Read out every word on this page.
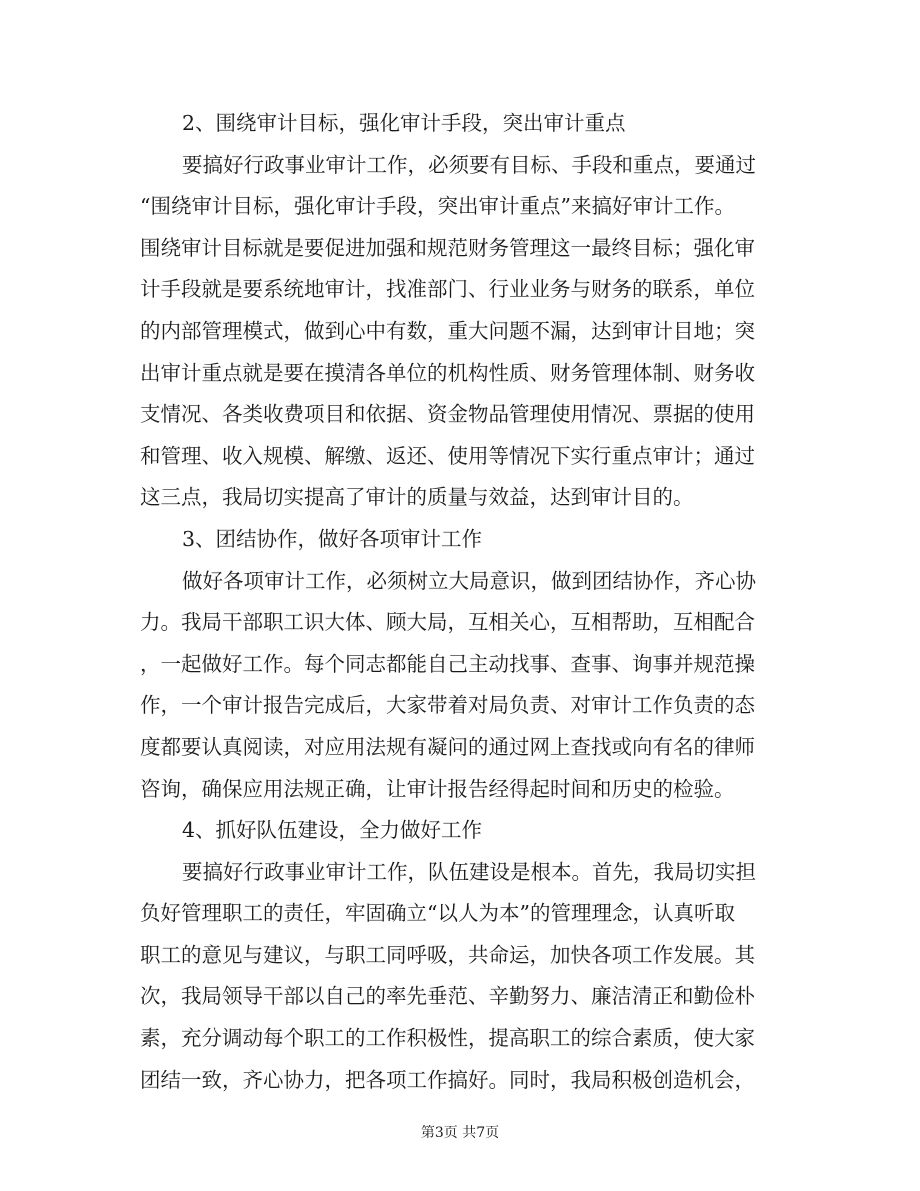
2、围绕审计目标，强化审计手段，突出审计重点
要搞好行政事业审计工作，必须要有目标、手段和重点，要通过
“围绕审计目标，强化审计手段，突出审计重点”来搞好审计工作。
围绕审计目标就是要促进加强和规范财务管理这一最终目标；强化审
计手段就是要系统地审计，找准部门、行业业务与财务的联系，单位
的内部管理模式，做到心中有数，重大问题不漏，达到审计目地；突
出审计重点就是要在摸清各单位的机构性质、财务管理体制、财务收
支情况、各类收费项目和依据、资金物品管理使用情况、票据的使用
和管理、收入规模、解缴、返还、使用等情况下实行重点审计；通过
这三点，我局切实提高了审计的质量与效益，达到审计目的。
3、团结协作，做好各项审计工作
做好各项审计工作，必须树立大局意识，做到团结协作，齐心协
力。我局干部职工识大体、顾大局，互相关心，互相帮助，互相配合
，一起做好工作。每个同志都能自己主动找事、查事、询事并规范操
作，一个审计报告完成后，大家带着对局负责、对审计工作负责的态
度都要认真阅读，对应用法规有凝问的通过网上查找或向有名的律师
咨询，确保应用法规正确，让审计报告经得起时间和历史的检验。
4、抓好队伍建设，全力做好工作
要搞好行政事业审计工作，队伍建设是根本。首先，我局切实担
负好管理职工的责任，牢固确立“以人为本”的管理理念，认真听取
职工的意见与建议，与职工同呼吸，共命运，加快各项工作发展。其
次，我局领导干部以自己的率先垂范、辛勤努力、廉洁清正和勤俭朴
素，充分调动每个职工的工作积极性，提高职工的综合素质，使大家
团结一致，齐心协力，把各项工作搞好。同时，我局积极创造机会，
第3页 共7页
